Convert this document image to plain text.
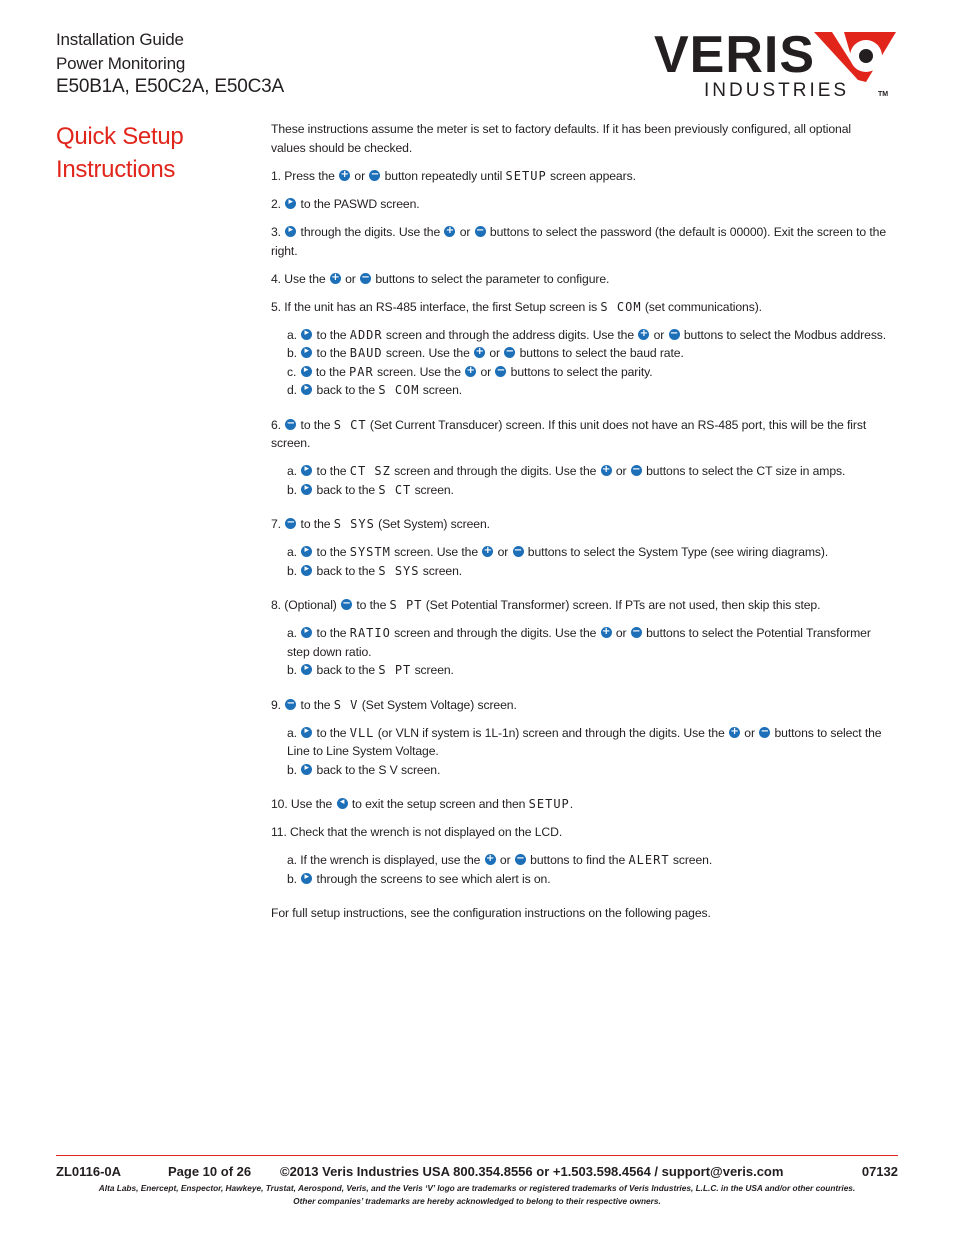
Installation Guide
Power Monitoring
E50B1A, E50C2A, E50C3A
VERIS
INDUSTRIES	TM
Quick Setup
Instructions

These instructions assume the meter is set to factory defaults. If it has been previously configured, all optional values should be checked.

1. Press the + or − button repeatedly until SETUP screen appears.

2. ▸ to the PASWD screen.

3. ▸ through the digits. Use the + or − buttons to select the password (the default is 00000). Exit the screen to the right.

4. Use the + or − buttons to select the parameter to configure.

5. If the unit has an RS-485 interface, the first Setup screen is S COM (set communications).

a. ▸ to the ADDR screen and through the address digits. Use the + or − buttons to select the Modbus address.

b. ▸ to the BAUD screen. Use the + or − buttons to select the baud rate.

c. ▸ to the PAR screen. Use the + or − buttons to select the parity.

d. ▸ back to the S COM screen.

6. − to the S CT (Set Current Transducer) screen. If this unit does not have an RS-485 port, this will be the first screen.

a. ▸ to the CT SZ screen and through the digits. Use the + or − buttons to select the CT size in amps.

b. ▸ back to the S CT screen.

7. − to the S SYS (Set System) screen.

a. ▸ to the SYSTM screen. Use the + or − buttons to select the System Type (see wiring diagrams).

b. ▸ back to the S SYS screen.

8. (Optional) − to the S PT (Set Potential Transformer) screen. If PTs are not used, then skip this step.

a. ▸ to the RATIO screen and through the digits. Use the + or − buttons to select the Potential Transformer step down ratio.

b. ▸ back to the S PT screen.

9. − to the S V (Set System Voltage) screen.

a. ▸ to the VLL (or VLN if system is 1L-1n) screen and through the digits. Use the + or − buttons to select the Line to Line System Voltage.

b. ▸ back to the S V screen.

10. Use the ◂ to exit the setup screen and then SETUP.

11. Check that the wrench is not displayed on the LCD.

a. If the wrench is displayed, use the + or − buttons to find the ALERT screen.

b. ▸ through the screens to see which alert is on.

For full setup instructions, see the configuration instructions on the following pages.

ZL0116-0A	Page 10 of 26	©2013 Veris Industries USA 800.354.8556 or +1.503.598.4564 / support@veris.com	07132
Alta Labs, Enercept, Enspector, Hawkeye, Trustat, Aerospond, Veris, and the Veris ‘V’ logo are trademarks or registered trademarks of Veris Industries, L.L.C. in the USA and/or other countries.
Other companies’ trademarks are hereby acknowledged to belong to their respective owners.
